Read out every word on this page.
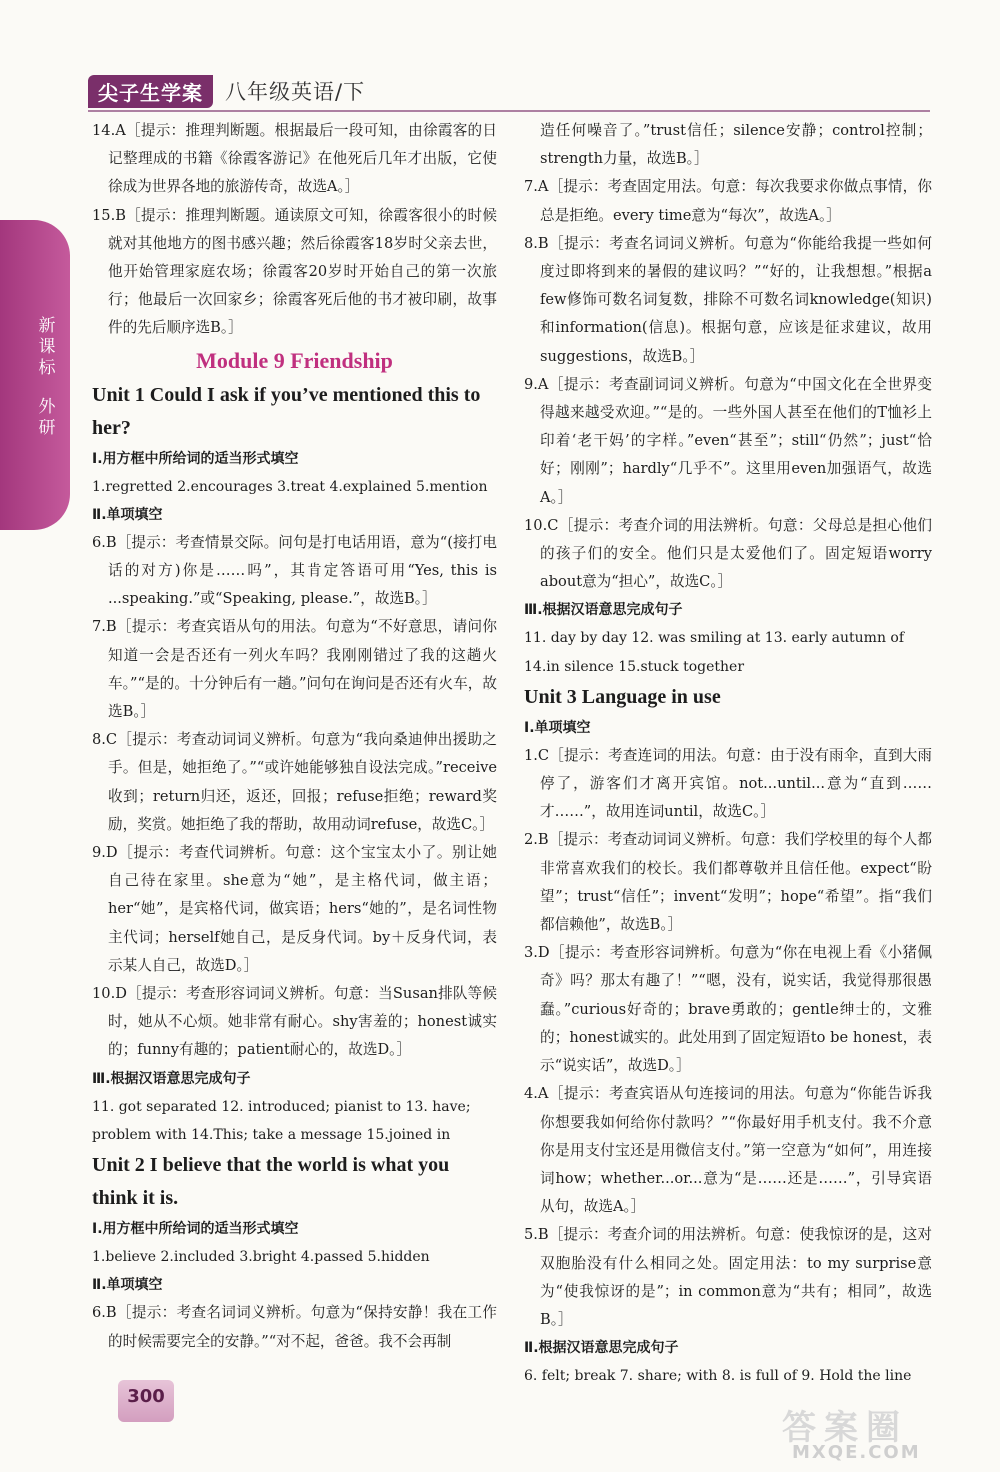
尖子生学案	八年级英语/下
新
课
标
外
研

14.A［提示：推理判断题。根据最后一段可知，由徐霞客的日记整理成的书籍《徐霞客游记》在他死后几年才出版，它使徐成为世界各地的旅游传奇，故选A。］

15.B［提示：推理判断题。通读原文可知，徐霞客很小的时候就对其他地方的图书感兴趣；然后徐霞客18岁时父亲去世，他开始管理家庭农场；徐霞客20岁时开始自己的第一次旅行；他最后一次回家乡；徐霞客死后他的书才被印刷，故事件的先后顺序选B。］

Module 9 Friendship

Unit 1 Could I ask if you’ve mentioned this to her?

Ⅰ.用方框中所给词的适当形式填空

1.regretted 2.encourages 3.treat 4.explained 5.mention

Ⅱ.单项填空

6.B［提示：考查情景交际。问句是打电话用语，意为“(接打电话的对方)你是……吗”，其肯定答语可用“Yes, this is ...speaking.”或“Speaking, please.”，故选B。］

7.B［提示：考查宾语从句的用法。句意为“不好意思，请问你知道一会是否还有一列火车吗？我刚刚错过了我的这趟火车。”“是的。十分钟后有一趟。”问句在询问是否还有火车，故选B。］

8.C［提示：考查动词词义辨析。句意为“我向桑迪伸出援助之手。但是，她拒绝了。”“或许她能够独自设法完成。”receive收到；return归还，返还，回报；refuse拒绝；reward奖励，奖赏。她拒绝了我的帮助，故用动词refuse，故选C。］

9.D［提示：考查代词辨析。句意：这个宝宝太小了。别让她自己待在家里。she意为“她”，是主格代词，做主语；her“她”，是宾格代词，做宾语；hers“她的”，是名词性物主代词；herself她自己，是反身代词。by＋反身代词，表示某人自己，故选D。］

10.D［提示：考查形容词词义辨析。句意：当Susan排队等候时，她从不心烦。她非常有耐心。shy害羞的；honest诚实的；funny有趣的；patient耐心的，故选D。］

Ⅲ.根据汉语意思完成句子

11. got separated 12. introduced; pianist to 13. have; problem with 14.This; take a message 15.joined in

Unit 2 I believe that the world is what you think it is.

Ⅰ.用方框中所给词的适当形式填空

1.believe 2.included 3.bright 4.passed 5.hidden

Ⅱ.单项填空

6.B［提示：考查名词词义辨析。句意为“保持安静！我在工作的时候需要完全的安静。”“对不起，爸爸。我不会再制

造任何噪音了。”trust信任；silence安静；control控制；strength力量，故选B。］

7.A［提示：考查固定用法。句意：每次我要求你做点事情，你总是拒绝。every time意为“每次”，故选A。］

8.B［提示：考查名词词义辨析。句意为“你能给我提一些如何度过即将到来的暑假的建议吗？”“好的，让我想想。”根据a few修饰可数名词复数，排除不可数名词knowledge(知识)和information(信息)。根据句意，应该是征求建议，故用suggestions，故选B。］

9.A［提示：考查副词词义辨析。句意为“中国文化在全世界变得越来越受欢迎。”“是的。一些外国人甚至在他们的T恤衫上印着‘老干妈’的字样。”even“甚至”；still“仍然”；just“恰好；刚刚”；hardly“几乎不”。这里用even加强语气，故选A。］

10.C［提示：考查介词的用法辨析。句意：父母总是担心他们的孩子们的安全。他们只是太爱他们了。固定短语worry about意为“担心”，故选C。］

Ⅲ.根据汉语意思完成句子

11. day by day 12. was smiling at 13. early autumn of 14.in silence 15.stuck together

Unit 3 Language in use

Ⅰ.单项填空

1.C［提示：考查连词的用法。句意：由于没有雨伞，直到大雨停了，游客们才离开宾馆。not...until...意为“直到……才……”，故用连词until，故选C。］

2.B［提示：考查动词词义辨析。句意：我们学校里的每个人都非常喜欢我们的校长。我们都尊敬并且信任他。expect“盼望”；trust“信任”；invent“发明”；hope“希望”。指“我们都信赖他”，故选B。］

3.D［提示：考查形容词辨析。句意为“你在电视上看《小猪佩奇》吗？那太有趣了！”“嗯，没有，说实话，我觉得那很愚蠢。”curious好奇的；brave勇敢的；gentle绅士的，文雅的；honest诚实的。此处用到了固定短语to be honest，表示“说实话”，故选D。］

4.A［提示：考查宾语从句连接词的用法。句意为“你能告诉我你想要我如何给你付款吗？”“你最好用手机支付。我不介意你是用支付宝还是用微信支付。”第一空意为“如何”，用连接词how；whether...or...意为“是……还是……”，引导宾语从句，故选A。］

5.B［提示：考查介词的用法辨析。句意：使我惊讶的是，这对双胞胎没有什么相同之处。固定用法：to my surprise意为“使我惊讶的是”；in common意为“共有；相同”，故选B。］

Ⅱ.根据汉语意思完成句子

6. felt; break 7. share; with 8. is full of 9. Hold the line

300
答案圈
MXQE.COM
